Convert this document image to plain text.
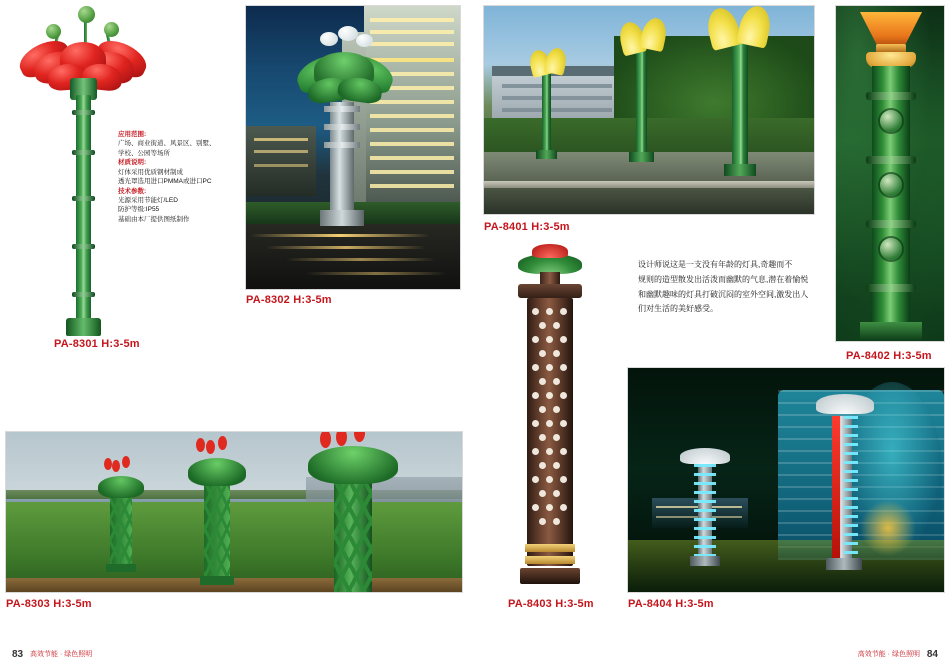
应用范围:
广场、商业街道、风景区、别墅、
学校、公园等场所
材质说明:
灯体采用优质钢材制成
透光罩选用进口PMMA或进口PC
技术参数:
光源采用节能灯/LED
防护等级:IP55
基础由本厂提供图纸制作
PA-8301 H:3-5m
PA-8302 H:3-5m
PA-8401 H:3-5m
PA-8402 H:3-5m
设计师说这是一支没有年龄的灯具,奇趣而不
规则的造型散发出活泼而幽默的气息,潜在着愉悦
和幽默趣味的灯具打破沉闷的室外空间,激发出人
们对生活的美好感受。
PA-8303 H:3-5m	PA-8403 H:3-5m	PA-8404 H:3-5m
83 高效节能 · 绿色照明	84
高效节能 · 绿色照明
